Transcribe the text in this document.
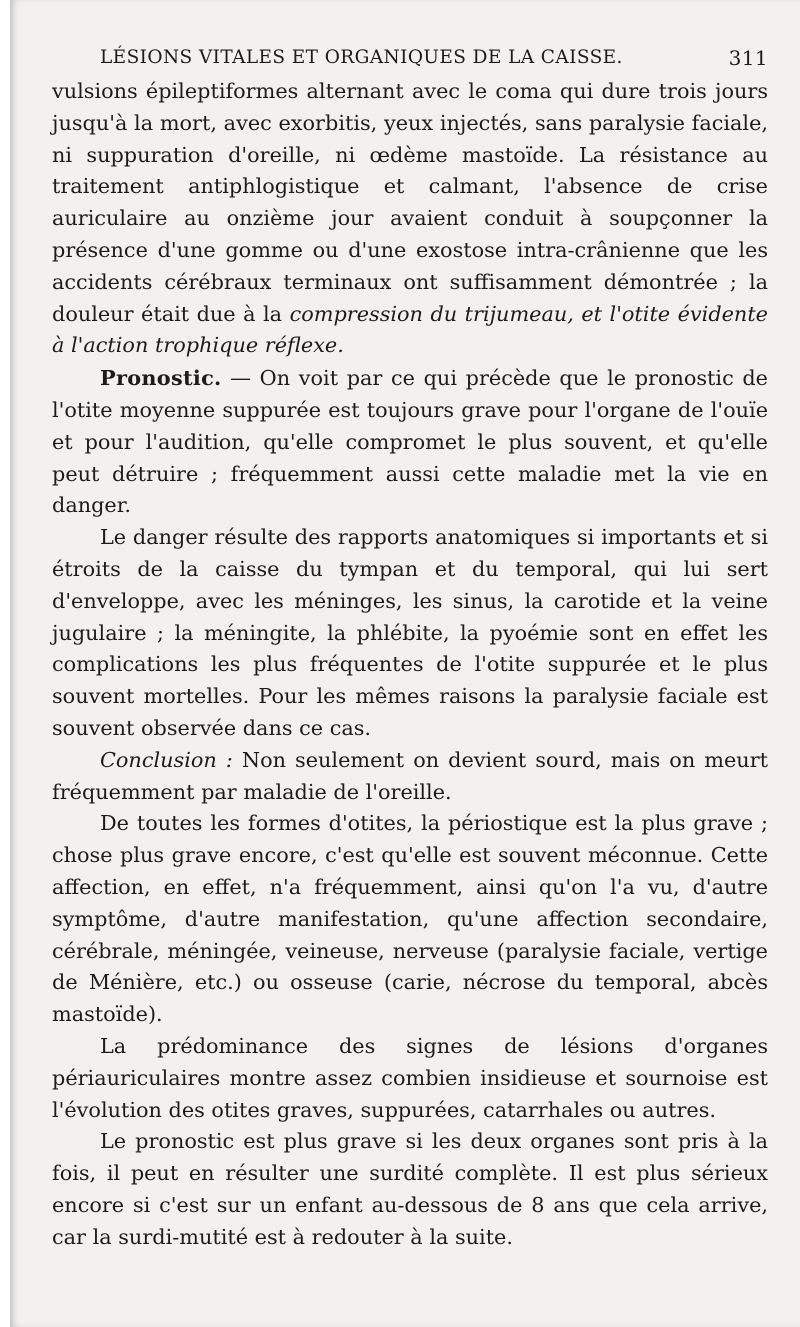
LÉSIONS VITALES ET ORGANIQUES DE LA CAISSE.	311

vulsions épileptiformes alternant avec le coma qui dure trois jours jusqu'à la mort, avec exorbitis, yeux injectés, sans paralysie faciale, ni suppuration d'oreille, ni œdème mastoïde. La résistance au traitement antiphlogistique et calmant, l'absence de crise auriculaire au onzième jour avaient conduit à soupçonner la présence d'une gomme ou d'une exostose intra-crânienne que les accidents cérébraux terminaux ont suffisamment démontrée ; la douleur était due à la compression du trijumeau, et l'otite évidente à l'action trophique réflexe.

Pronostic. — On voit par ce qui précède que le pronostic de l'otite moyenne suppurée est toujours grave pour l'organe de l'ouïe et pour l'audition, qu'elle compromet le plus souvent, et qu'elle peut détruire ; fréquemment aussi cette maladie met la vie en danger.

Le danger résulte des rapports anatomiques si importants et si étroits de la caisse du tympan et du temporal, qui lui sert d'enveloppe, avec les méninges, les sinus, la carotide et la veine jugulaire ; la méningite, la phlébite, la pyoémie sont en effet les complications les plus fréquentes de l'otite suppurée et le plus souvent mortelles. Pour les mêmes raisons la paralysie faciale est souvent observée dans ce cas.

Conclusion : Non seulement on devient sourd, mais on meurt fréquemment par maladie de l'oreille.

De toutes les formes d'otites, la périostique est la plus grave ; chose plus grave encore, c'est qu'elle est souvent méconnue. Cette affection, en effet, n'a fréquemment, ainsi qu'on l'a vu, d'autre symptôme, d'autre manifestation, qu'une affection secondaire, cérébrale, méningée, veineuse, nerveuse (paralysie faciale, vertige de Ménière, etc.) ou osseuse (carie, nécrose du temporal, abcès mastoïde).

La prédominance des signes de lésions d'organes périauriculaires montre assez combien insidieuse et sournoise est l'évolution des otites graves, suppurées, catarrhales ou autres.

Le pronostic est plus grave si les deux organes sont pris à la fois, il peut en résulter une surdité complète. Il est plus sérieux encore si c'est sur un enfant au-dessous de 8 ans que cela arrive, car la surdi-mutité est à redouter à la suite.
